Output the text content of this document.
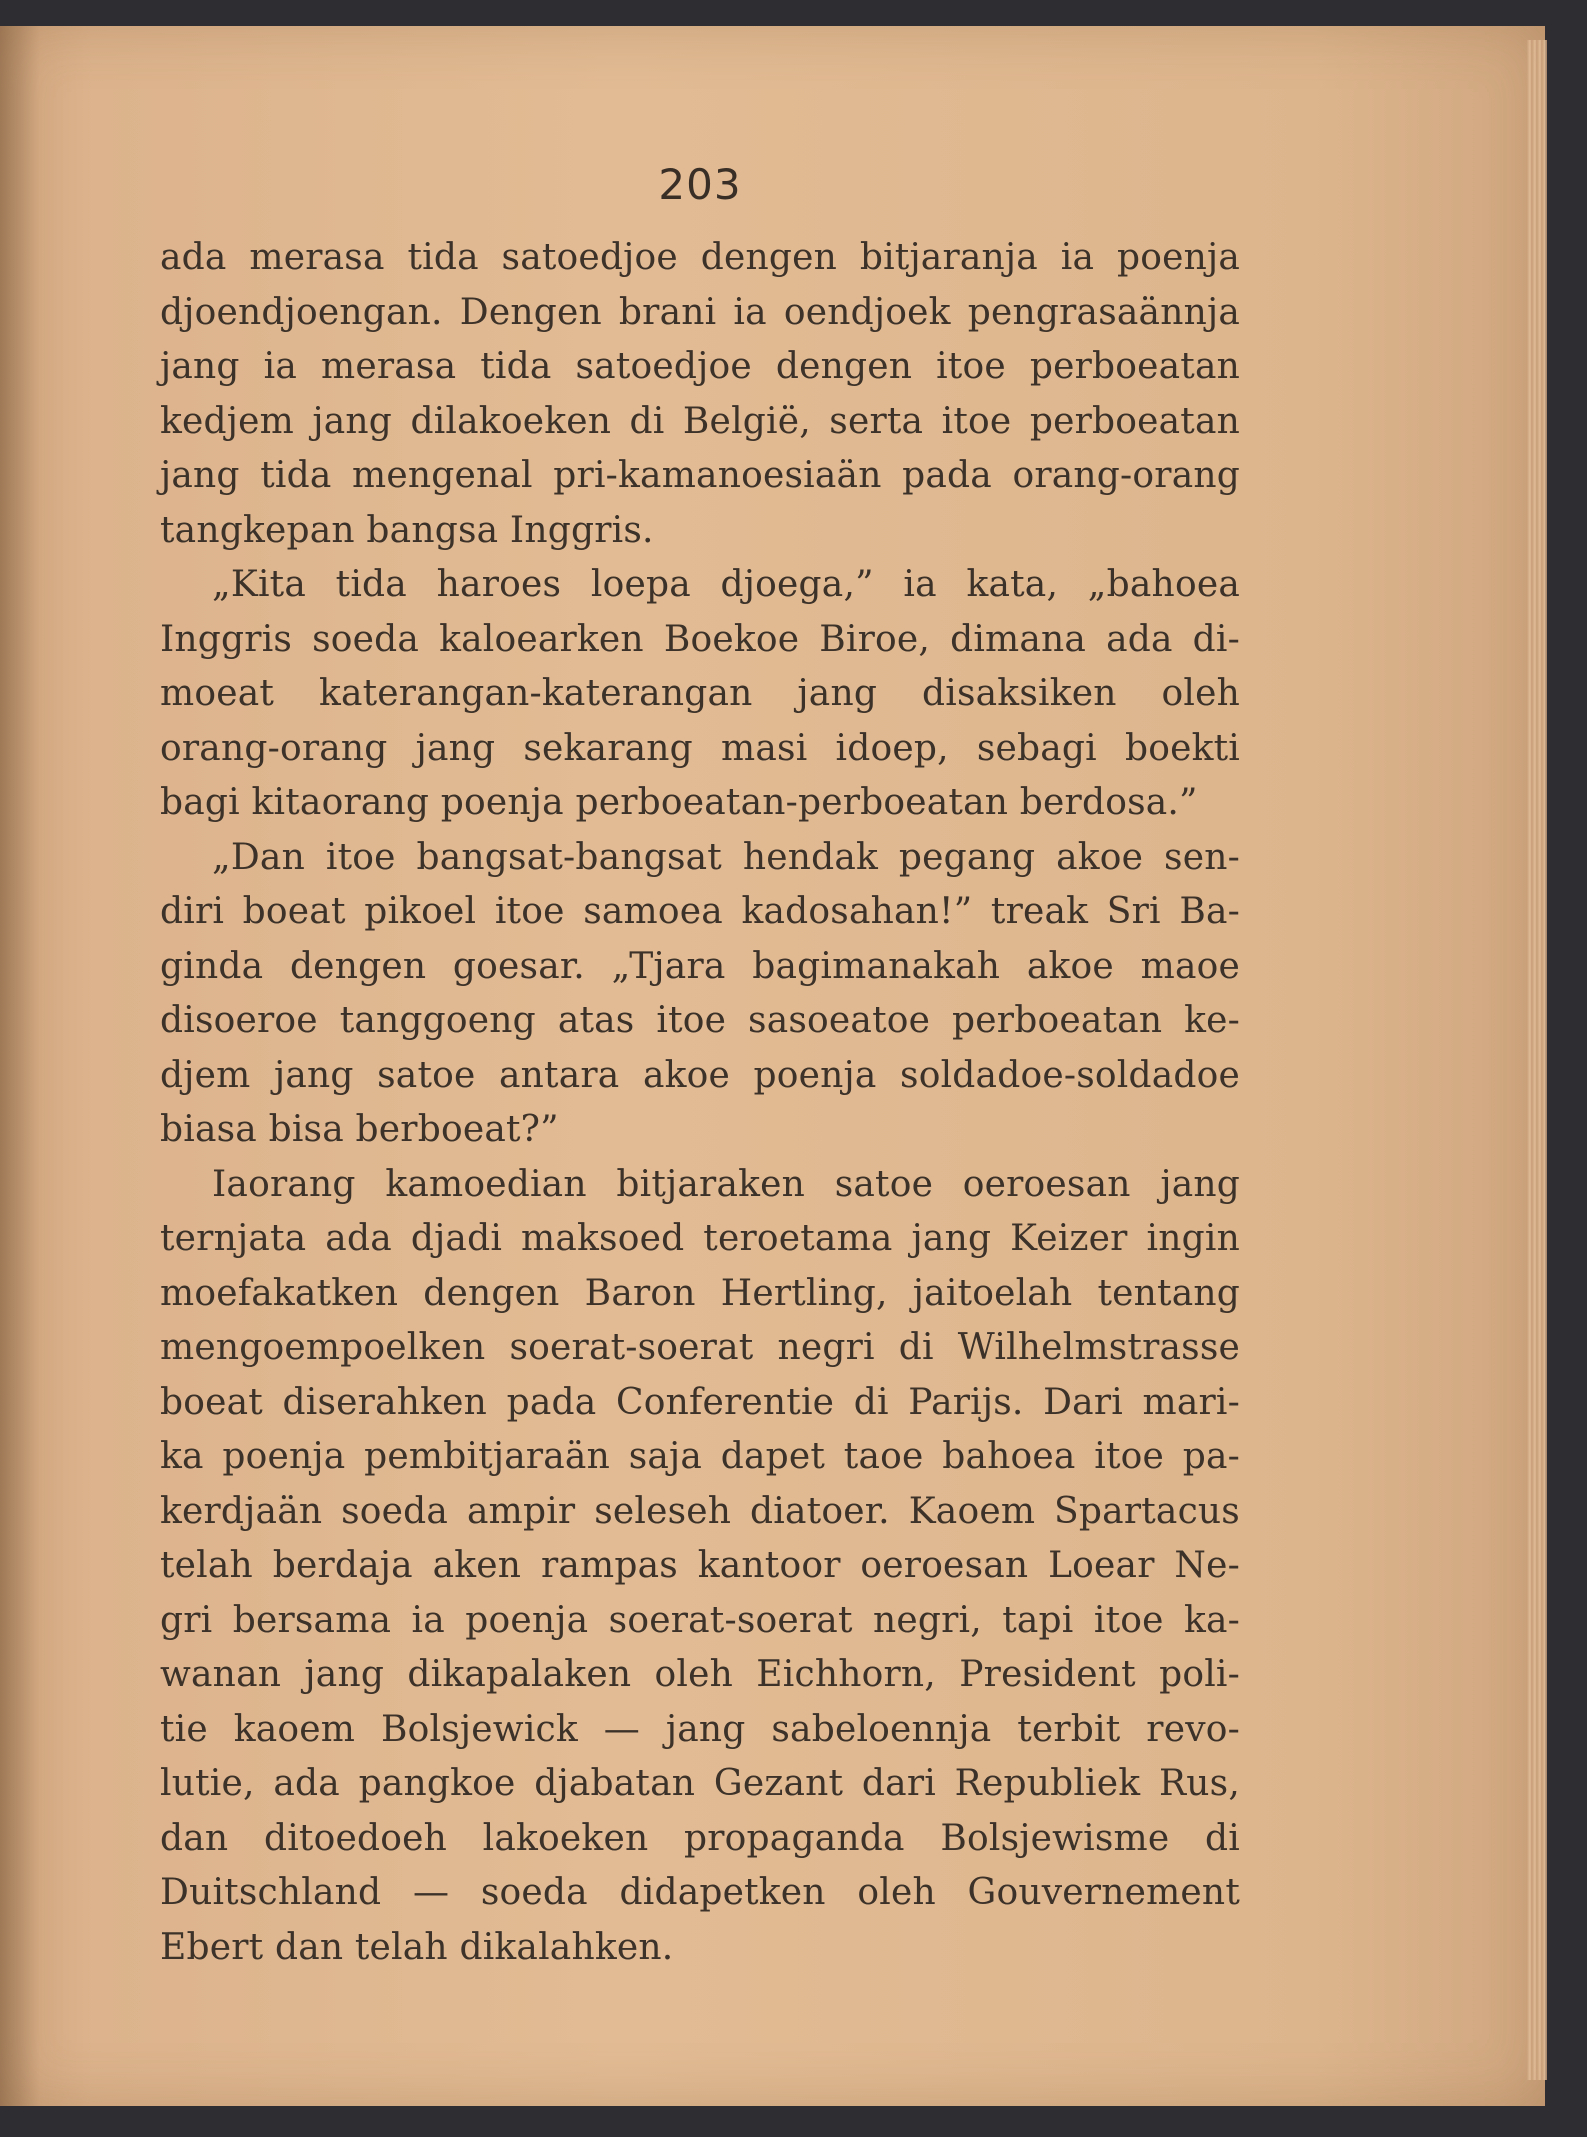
203
ada merasa tida satoedjoe dengen bitjaranja ia poenja
djoendjoengan. Dengen brani ia oendjoek pengrasaännja
jang ia merasa tida satoedjoe dengen itoe perboeatan
kedjem jang dilakoeken di België, serta itoe perboeatan
jang tida mengenal pri-kamanoesiaän pada orang-orang
tangkepan bangsa Inggris.
„Kita tida haroes loepa djoega,” ia kata, „bahoea
Inggris soeda kaloearken Boekoe Biroe, dimana ada di-
moeat katerangan-katerangan jang disaksiken oleh
orang-orang jang sekarang masi idoep, sebagi boekti
bagi kitaorang poenja perboeatan-perboeatan berdosa.”
„Dan itoe bangsat-bangsat hendak pegang akoe sen-
diri boeat pikoel itoe samoea kadosahan!” treak Sri Ba-
ginda dengen goesar. „Tjara bagimanakah akoe maoe
disoeroe tanggoeng atas itoe sasoeatoe perboeatan ke-
djem jang satoe antara akoe poenja soldadoe-soldadoe
biasa bisa berboeat?”
Iaorang kamoedian bitjaraken satoe oeroesan jang
ternjata ada djadi maksoed teroetama jang Keizer ingin
moefakatken dengen Baron Hertling, jaitoelah tentang
mengoempoelken soerat-soerat negri di Wilhelmstrasse
boeat diserahken pada Conferentie di Parijs. Dari mari-
ka poenja pembitjaraän saja dapet taoe bahoea itoe pa-
kerdjaän soeda ampir seleseh diatoer. Kaoem Spartacus
telah berdaja aken rampas kantoor oeroesan Loear Ne-
gri bersama ia poenja soerat-soerat negri, tapi itoe ka-
wanan jang dikapalaken oleh Eichhorn, President poli-
tie kaoem Bolsjewick — jang sabeloennja terbit revo-
lutie, ada pangkoe djabatan Gezant dari Republiek Rus,
dan ditoedoeh lakoeken propaganda Bolsjewisme di
Duitschland — soeda didapetken oleh Gouvernement
Ebert dan telah dikalahken.
